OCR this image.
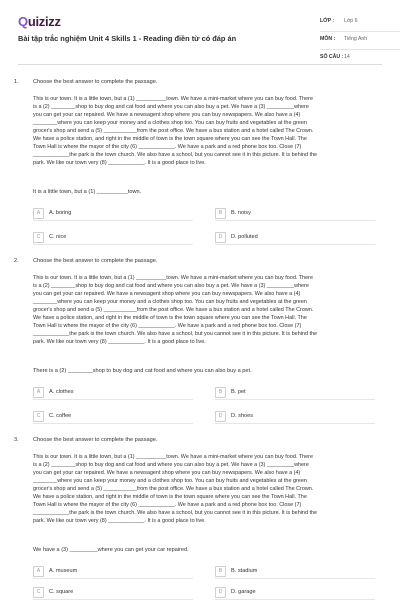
Quizizz
Bài tập trắc nghiệm Unit 4 Skills 1 - Reading điền từ có đáp án
LỚP : Lớp 6
MÔN : Tiếng Anh
SỐ CÂU : 14
1.	Choose the best answer to complete the passage.
This is our town. It is a little town, but a (1) __________town. We have a mini-market where you can buy food. There
is a (2) ________shop to buy dog and cat food and where you can also buy a pet. We have a (3) _________where
you can get your car repaired. We have a newsagent shop where you can buy newspapers. We also have a (4)
________where you can keep your money and a clothes shop too. You can buy fruits and vegetables at the green
grocer's shop and send a (5) ___________from the post office. We have a bus station and a hotel called The Crown.
We have a police station, and right in the middle of town is the town square where you can see the Town Hall. The
Town Hall is where the mayor of the city (6) ____________. We have a park and a red phone box too. Close (7)
____________the park is the town church. We also have a school, but you cannot see it in this picture. It is behind the
park. We like our town very (8) ____________. It is a good place to live.
It is a little town, but a (1) __________town.
A	A. boring	B	B. noisy
C	C. nice	D	D. polluted
2.	Choose the best answer to complete the passage.
This is our town. It is a little town, but a (1) __________town. We have a mini-market where you can buy food. There
is a (2) ________shop to buy dog and cat food and where you can also buy a pet. We have a (3) _________where
you can get your car repaired. We have a newsagent shop where you can buy newspapers. We also have a (4)
________where you can keep your money and a clothes shop too. You can buy fruits and vegetables at the green
grocer's shop and send a (5) ___________from the post office. We have a bus station and a hotel called The Crown.
We have a police station, and right in the middle of town is the town square where you can see the Town Hall. The
Town Hall is where the mayor of the city (6) ____________. We have a park and a red phone box too. Close (7)
____________the park is the town church. We also have a school, but you cannot see it in this picture. It is behind the
park. We like our town very (8) ____________. It is a good place to live.
There is a (2) ________shop to buy dog and cat food and where you can also buy a pet.
A	A. clothes	B	B. pet
C	C. coffee	D	D. shoes
3.	Choose the best answer to complete the passage.
This is our town. It is a little town, but a (1) __________town. We have a mini-market where you can buy food. There
is a (2) ________shop to buy dog and cat food and where you can also buy a pet. We have a (3) _________where
you can get your car repaired. We have a newsagent shop where you can buy newspapers. We also have a (4)
________where you can keep your money and a clothes shop too. You can buy fruits and vegetables at the green
grocer's shop and send a (5) ___________from the post office. We have a bus station and a hotel called The Crown.
We have a police station, and right in the middle of town is the town square where you can see the Town Hall. The
Town Hall is where the mayor of the city (6) ____________. We have a park and a red phone box too. Close (7)
____________the park is the town church. We also have a school, but you cannot see it in this picture. It is behind the
park. We like our town very (8) ____________. It is a good place to live.
We have a (3) _________where you can get your car repaired.
A	A. museum	B	B. stadium
C	C. square	D	D. garage
